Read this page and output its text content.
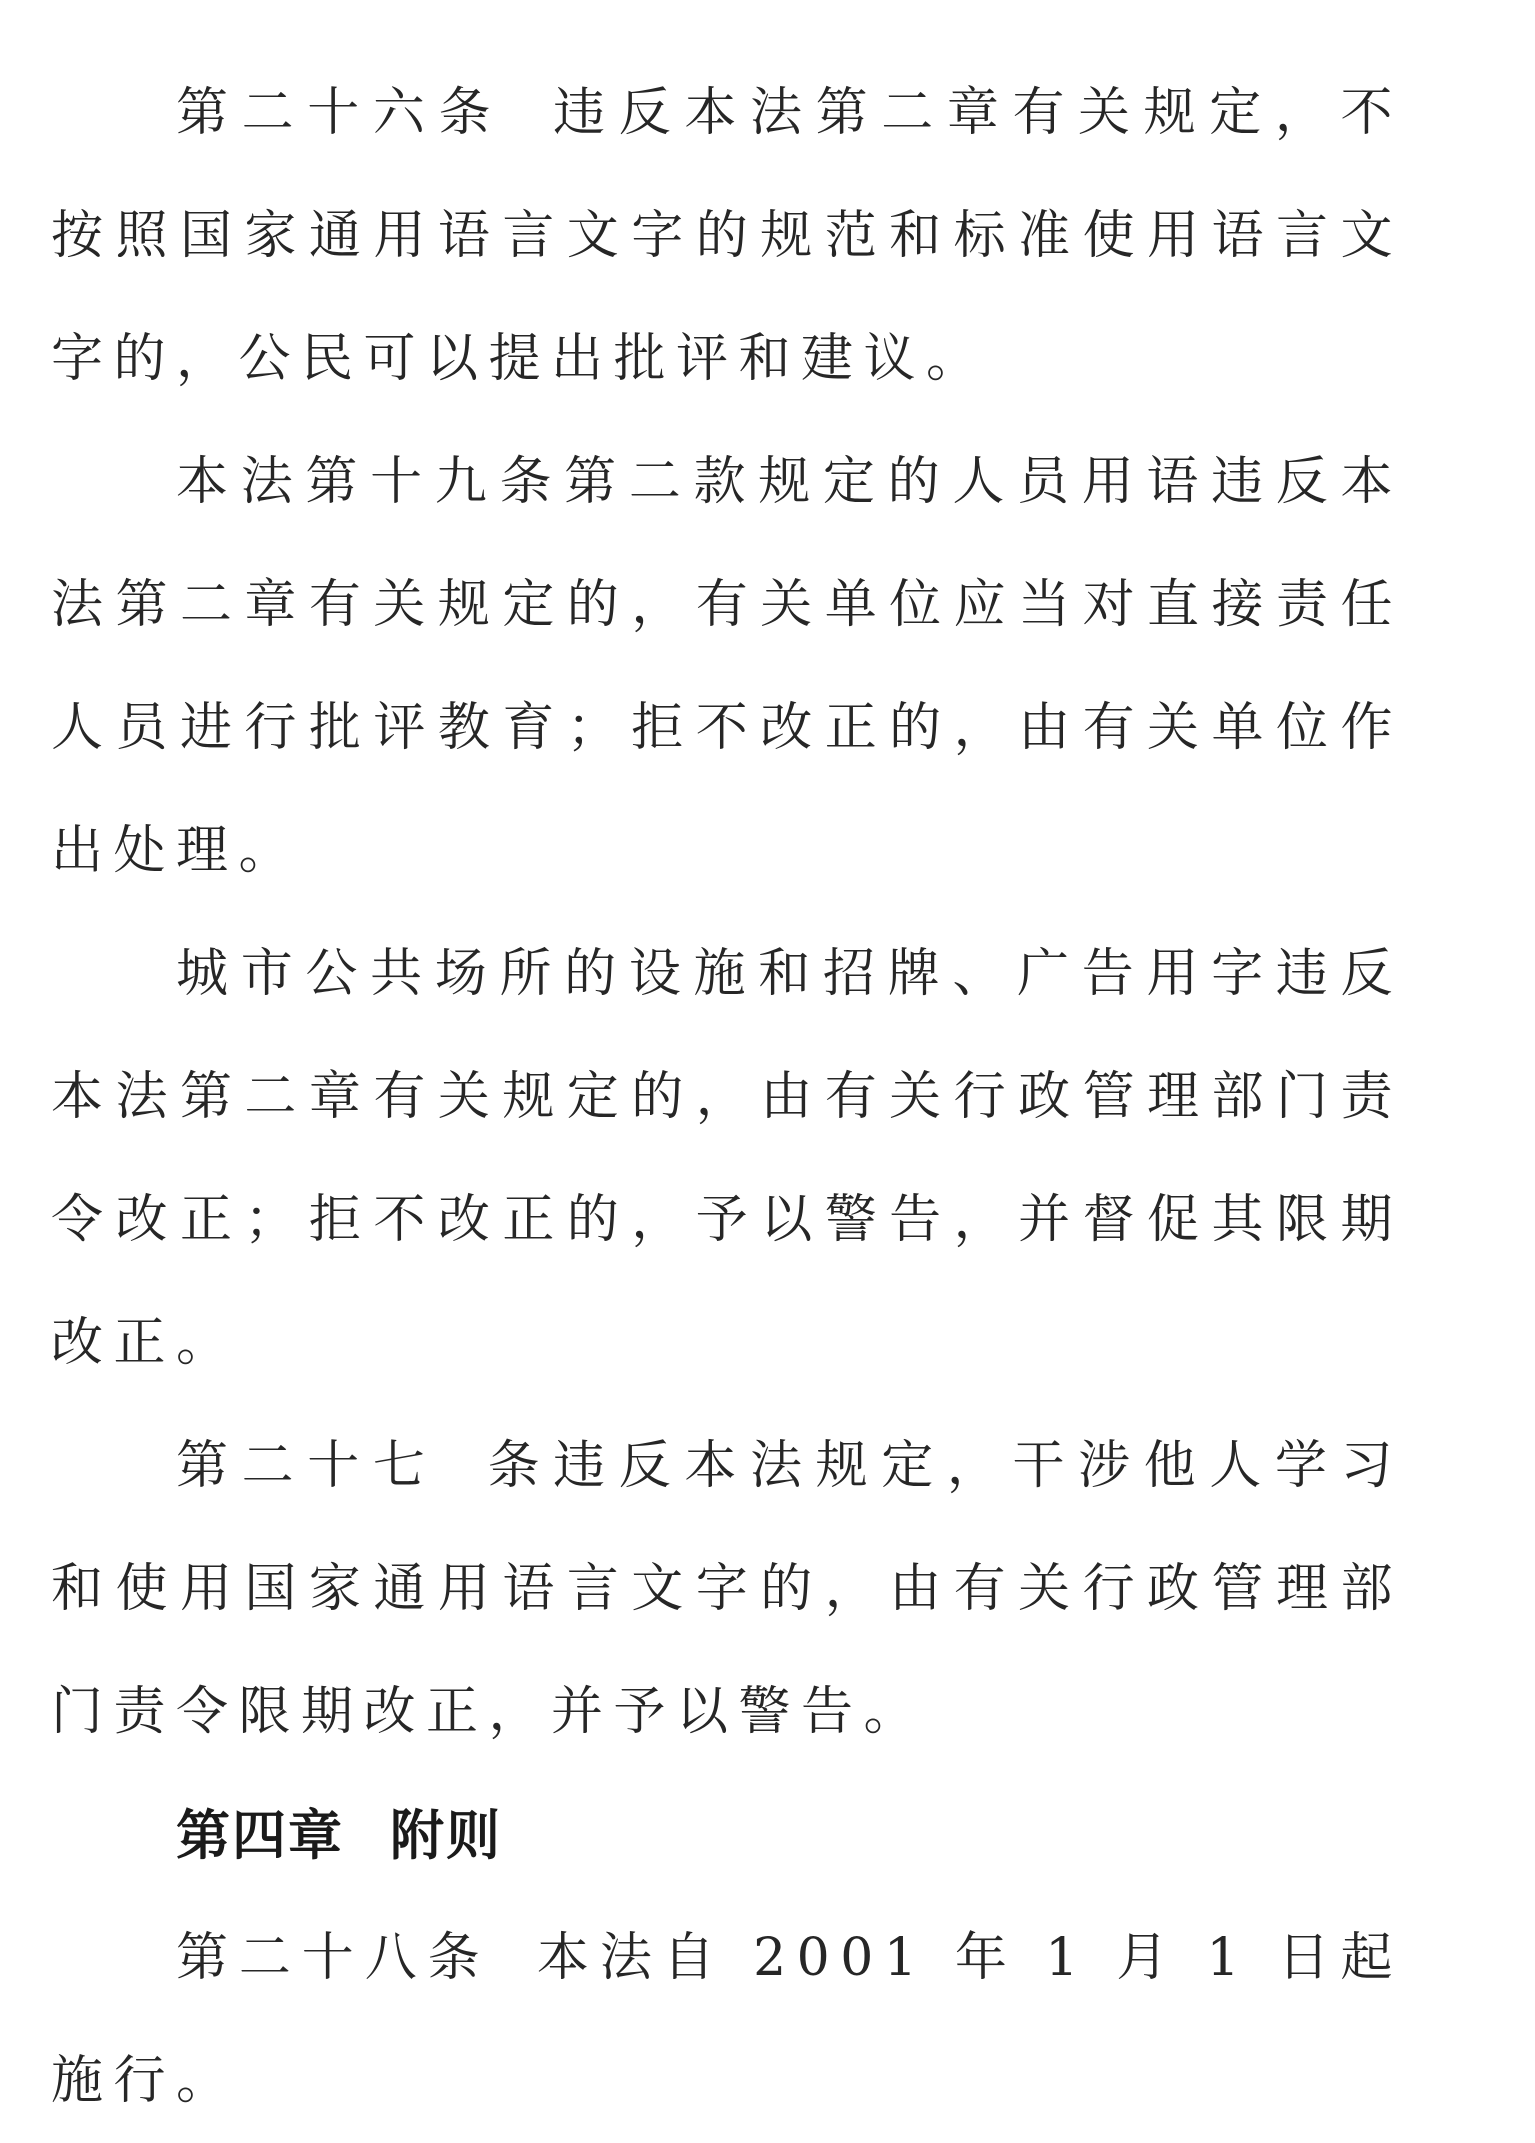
第二十六条 违反本法第二章有关规定，不按照国家通用语言文字的规范和标准使用语言文字的，公民可以提出批评和建议。

本法第十九条第二款规定的人员用语违反本法第二章有关规定的，有关单位应当对直接责任人员进行批评教育；拒不改正的，由有关单位作出处理。

城市公共场所的设施和招牌、广告用字违反本法第二章有关规定的，由有关行政管理部门责令改正；拒不改正的，予以警告，并督促其限期改正。

第二十七 条违反本法规定，干涉他人学习和使用国家通用语言文字的，由有关行政管理部门责令限期改正，并予以警告。

第四章 附则

第二十八条 本法自 2001 年 1 月 1 日起施行。
